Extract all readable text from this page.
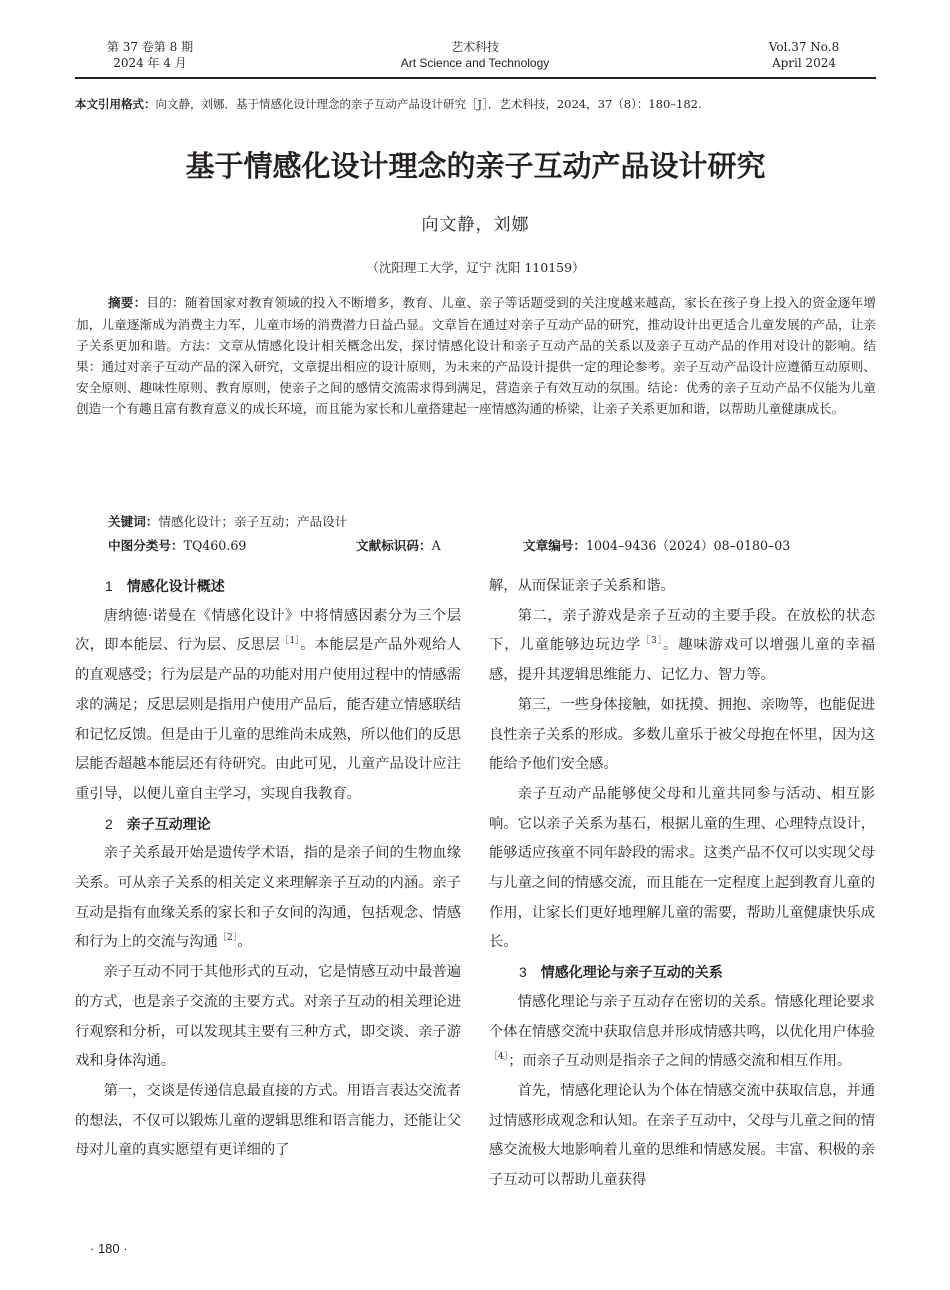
第 37 卷第 8 期
2024 年 4 月
艺术科技
Art Science and Technology
Vol.37 No.8
April 2024
本文引用格式：向文静，刘娜．基于情感化设计理念的亲子互动产品设计研究［J］．艺术科技，2024，37（8）：180–182.
基于情感化设计理念的亲子互动产品设计研究
向文静，刘娜
（沈阳理工大学，辽宁 沈阳 110159）
摘要：目的：随着国家对教育领域的投入不断增多，教育、儿童、亲子等话题受到的关注度越来越高，家长在孩子身上投入的资金逐年增加，儿童逐渐成为消费主力军，儿童市场的消费潜力日益凸显。文章旨在通过对亲子互动产品的研究，推动设计出更适合儿童发展的产品，让亲子关系更加和谐。方法：文章从情感化设计相关概念出发，探讨情感化设计和亲子互动产品的关系以及亲子互动产品的作用对设计的影响。结果：通过对亲子互动产品的深入研究，文章提出相应的设计原则，为未来的产品设计提供一定的理论参考。亲子互动产品设计应遵循互动原则、安全原则、趣味性原则、教育原则，使亲子之间的感情交流需求得到满足，营造亲子有效互动的氛围。结论：优秀的亲子互动产品不仅能为儿童创造一个有趣且富有教育意义的成长环境，而且能为家长和儿童搭建起一座情感沟通的桥梁，让亲子关系更加和谐，以帮助儿童健康成长。
关键词：情感化设计；亲子互动；产品设计
中图分类号：TQ460.69	文献标识码：A	文章编号：1004–9436（2024）08–0180–03
1 情感化设计概述

唐纳德·诺曼在《情感化设计》中将情感因素分为三个层次，即本能层、行为层、反思层$^{[1]}$。本能层是产品外观给人的直观感受；行为层是产品的功能对用户使用过程中的情感需求的满足；反思层则是指用户使用产品后，能否建立情感联结和记忆反馈。但是由于儿童的思维尚未成熟，所以他们的反思层能否超越本能层还有待研究。由此可见，儿童产品设计应注重引导，以便儿童自主学习，实现自我教育。

2 亲子互动理论

亲子关系最开始是遗传学术语，指的是亲子间的生物血缘关系。可从亲子关系的相关定义来理解亲子互动的内涵。亲子互动是指有血缘关系的家长和子女间的沟通，包括观念、情感和行为上的交流与沟通$^{[2]}$。

亲子互动不同于其他形式的互动，它是情感互动中最普遍的方式，也是亲子交流的主要方式。对亲子互动的相关理论进行观察和分析，可以发现其主要有三种方式，即交谈、亲子游戏和身体沟通。

第一，交谈是传递信息最直接的方式。用语言表达交流者的想法，不仅可以锻炼儿童的逻辑思维和语言能力，还能让父母对儿童的真实愿望有更详细的了

解，从而保证亲子关系和谐。

第二，亲子游戏是亲子互动的主要手段。在放松的状态下，儿童能够边玩边学$^{[3]}$。趣味游戏可以增强儿童的幸福感，提升其逻辑思维能力、记忆力、智力等。

第三，一些身体接触，如抚摸、拥抱、亲吻等，也能促进良性亲子关系的形成。多数儿童乐于被父母抱在怀里，因为这能给予他们安全感。

亲子互动产品能够使父母和儿童共同参与活动、相互影响。它以亲子关系为基石，根据儿童的生理、心理特点设计，能够适应孩童不同年龄段的需求。这类产品不仅可以实现父母与儿童之间的情感交流，而且能在一定程度上起到教育儿童的作用，让家长们更好地理解儿童的需要，帮助儿童健康快乐成长。

3 情感化理论与亲子互动的关系

情感化理论与亲子互动存在密切的关系。情感化理论要求个体在情感交流中获取信息并形成情感共鸣，以优化用户体验$^{[4]}$；而亲子互动则是指亲子之间的情感交流和相互作用。

首先，情感化理论认为个体在情感交流中获取信息，并通过情感形成观念和认知。在亲子互动中，父母与儿童之间的情感交流极大地影响着儿童的思维和情感发展。丰富、积极的亲子互动可以帮助儿童获得

· 180 ·
